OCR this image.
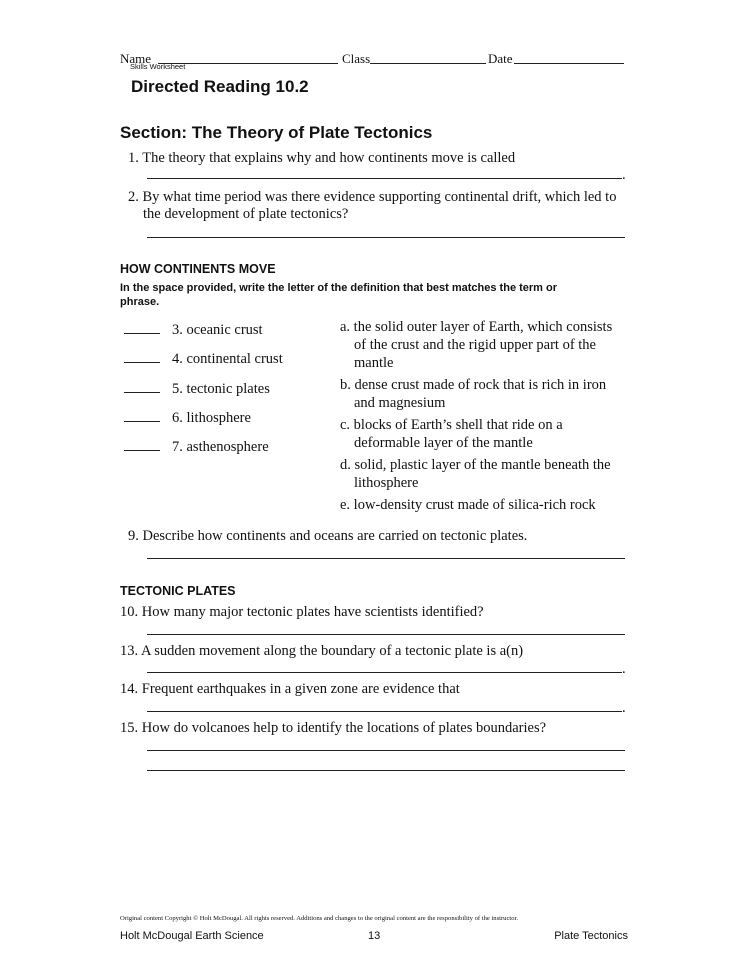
Name	Class	Date
Skills Worksheet
Directed Reading 10.2
Section: The Theory of Plate Tectonics
1. The theory that explains why and how continents move is called
.
2. By what time period was there evidence supporting continental drift, which led to
the development of plate tectonics?
HOW CONTINENTS MOVE
In the space provided, write the letter of the definition that best matches the term or
phrase.
3. oceanic crust
4. continental crust
5. tectonic plates
6. lithosphere
7. asthenosphere
a. the solid outer layer of Earth, which consists
of the crust and the rigid upper part of the
mantle
b. dense crust made of rock that is rich in iron
and magnesium
c. blocks of Earth’s shell that ride on a
deformable layer of the mantle
d. solid, plastic layer of the mantle beneath the
lithosphere
e. low-density crust made of silica-rich rock
9. Describe how continents and oceans are carried on tectonic plates.
TECTONIC PLATES
10. How many major tectonic plates have scientists identified?
13. A sudden movement along the boundary of a tectonic plate is a(n)
.
14. Frequent earthquakes in a given zone are evidence that
.
15. How do volcanoes help to identify the locations of plates boundaries?
Original content Copyright © Holt McDougal. All rights reserved. Additions and changes to the original content are the responsibility of the instructor.
Holt McDougal Earth Science	13	Plate Tectonics
